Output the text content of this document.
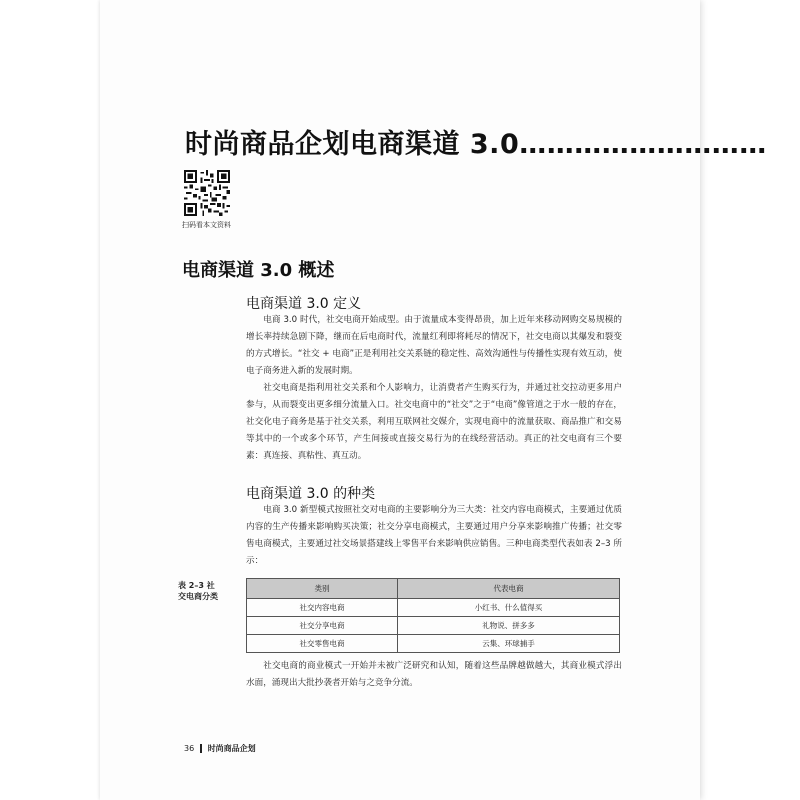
时尚商品企划电商渠道 3.0………………………
扫码看本文资料
电商渠道 3.0 概述
电商渠道 3.0 定义

电商 3.0 时代，社交电商开始成型。由于流量成本变得昂贵，加上近年来移动网购交易规模的增长率持续急剧下降，继而在后电商时代，流量红利即将耗尽的情况下，社交电商以其爆发和裂变的方式增长。“社交 + 电商”正是利用社交关系链的稳定性、高效沟通性与传播性实现有效互动，使电子商务进入新的发展时期。

社交电商是指利用社交关系和个人影响力，让消费者产生购买行为，并通过社交拉动更多用户参与，从而裂变出更多细分流量入口。社交电商中的“社交”之于“电商”像管道之于水一般的存在，社交化电子商务是基于社交关系，利用互联网社交媒介，实现电商中的流量获取、商品推广和交易等其中的一个或多个环节，产生间接或直接交易行为的在线经营活动。真正的社交电商有三个要素：真连接、真粘性、真互动。

电商渠道 3.0 的种类

电商 3.0 新型模式按照社交对电商的主要影响分为三大类：社交内容电商模式，主要通过优质内容的生产传播来影响购买决策；社交分享电商模式，主要通过用户分享来影响推广传播；社交零售电商模式，主要通过社交场景搭建线上零售平台来影响供应销售。三种电商类型代表如表 2–3 所示：

表 2–3 社交电商分类
类别	代表电商
社交内容电商	小红书、什么值得买
社交分享电商	礼物说、拼多多
社交零售电商	云集、环球捕手

社交电商的商业模式一开始并未被广泛研究和认知，随着这些品牌越做越大，其商业模式浮出水面，涌现出大批抄袭者开始与之竞争分流。

36 时尚商品企划
